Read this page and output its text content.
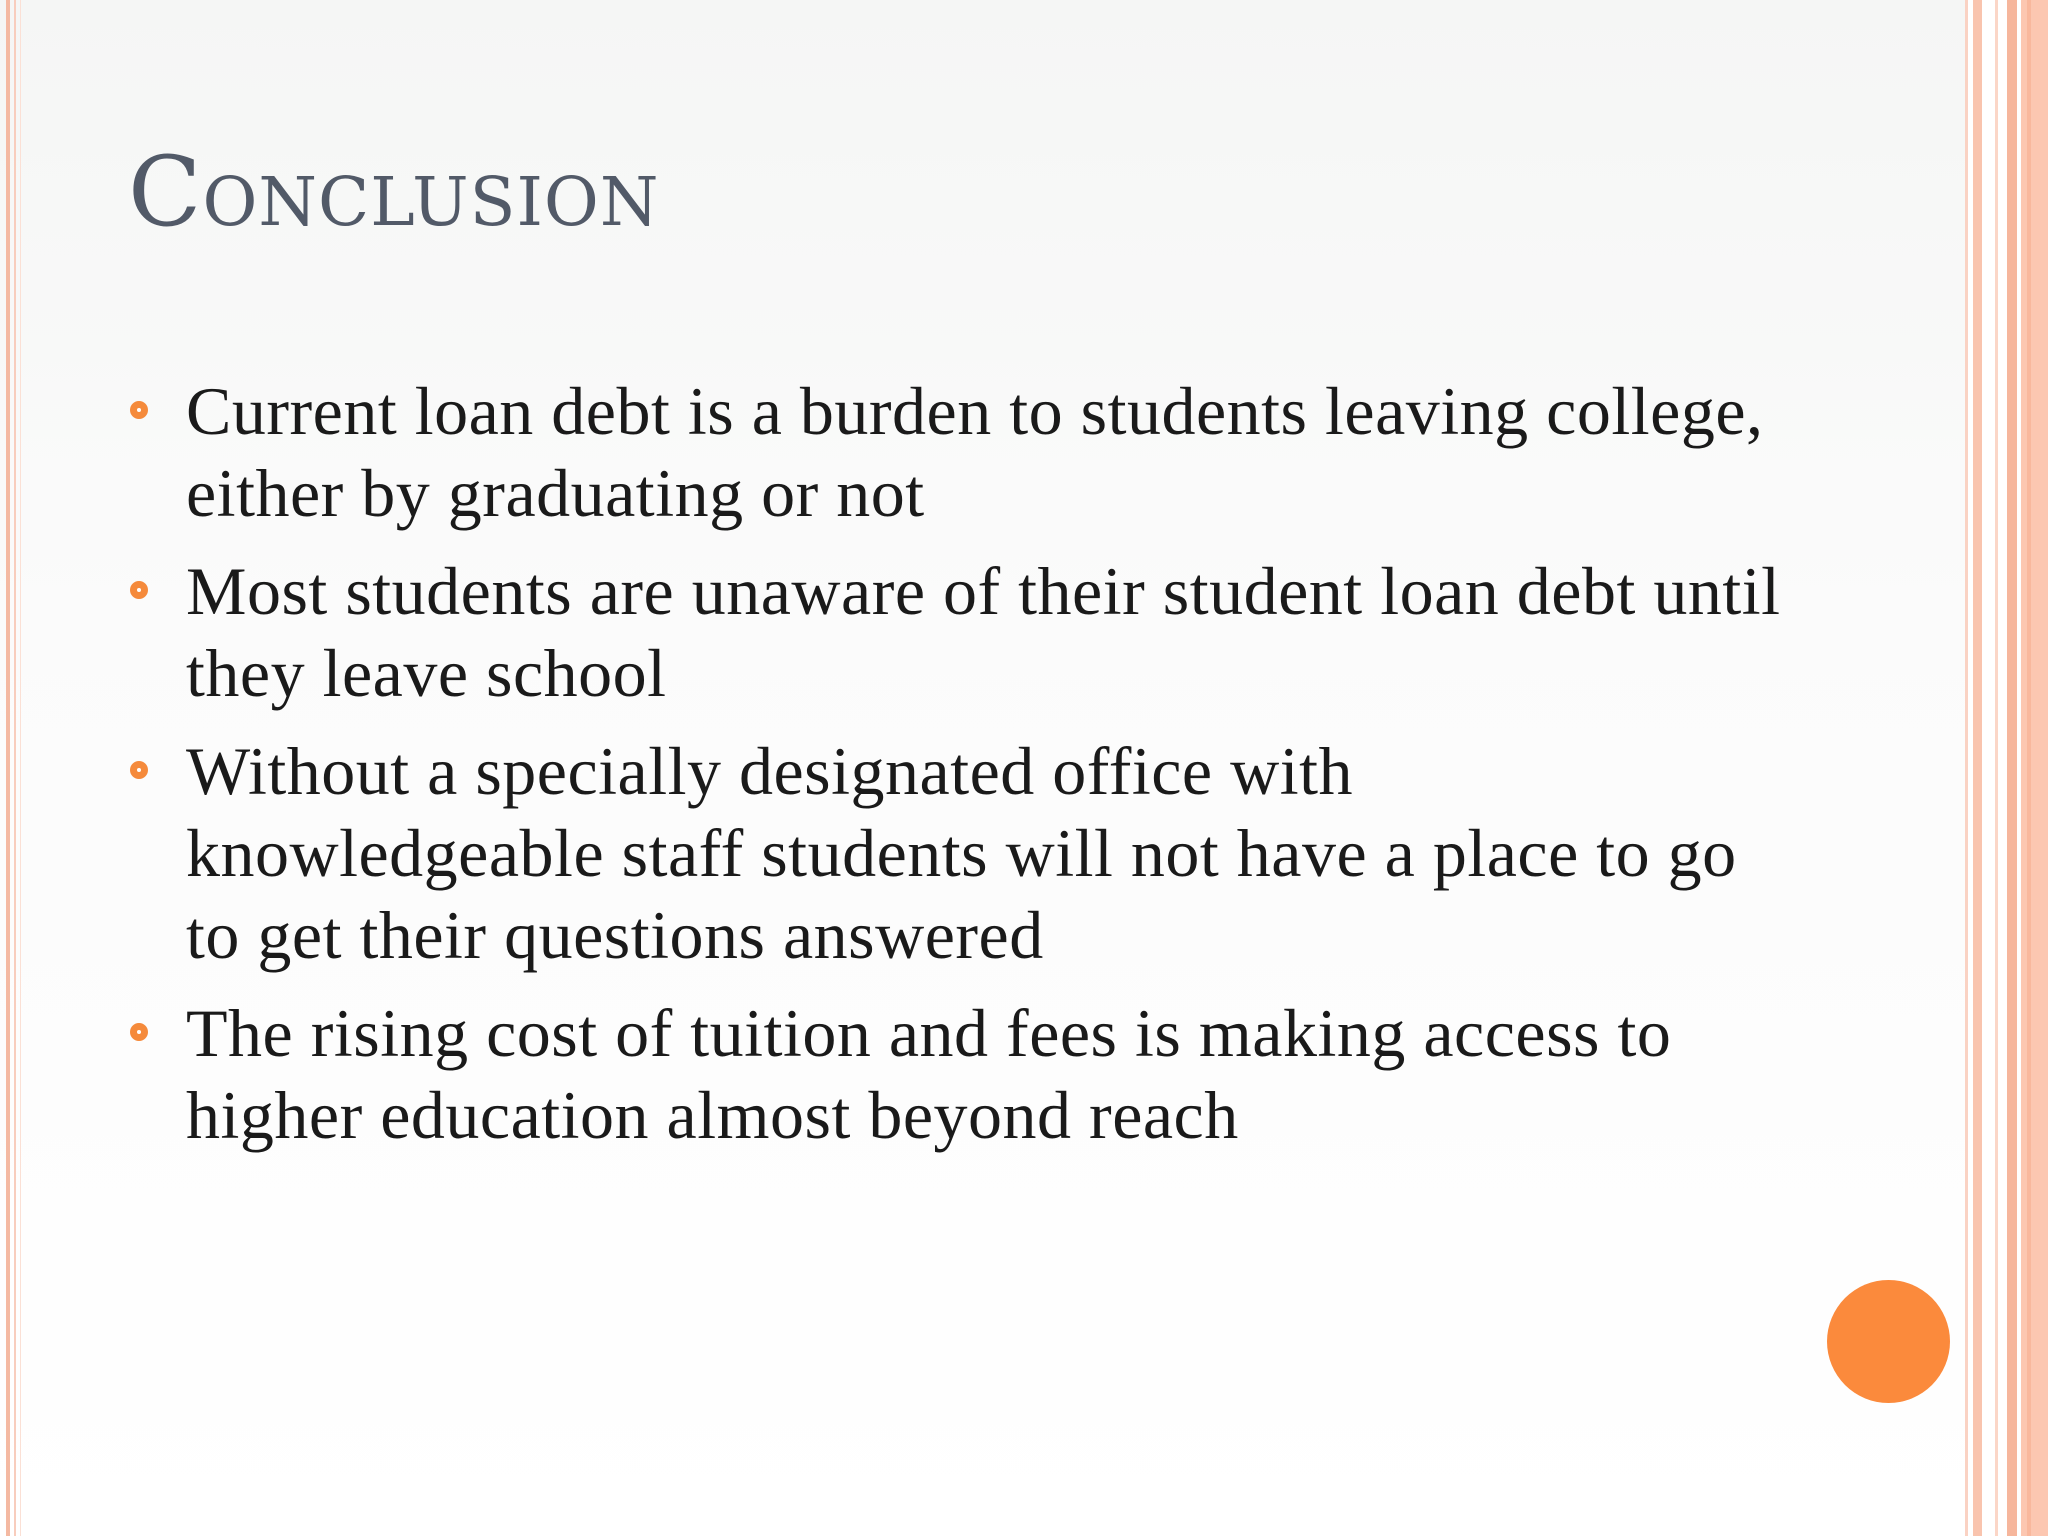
Conclusion
Current loan debt is a burden to students leaving college, either by graduating or not
Most students are unaware of their student loan debt until they leave school
Without a specially designated office with knowledgeable staff students will not have a place to go to get their questions answered
The rising cost of tuition and fees is making access to higher education almost beyond reach
